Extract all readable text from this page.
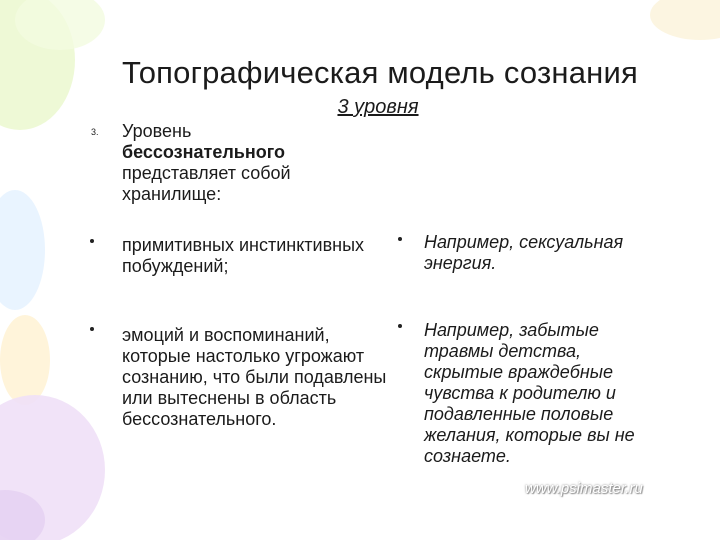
Топографическая модель сознания
3 уровня
3. Уровень
бессознательного
представляет собой хранилище:
примитивных инстинктивных побуждений;
эмоций и воспоминаний, которые настолько угрожают сознанию, что были подавлены или вытеснены в область бессознательного.
Например, сексуальная энергия.
Например, забытые травмы детства, скрытые враждебные чувства к родителю и подавленные половые желания, которые вы не сознаете.
www.psimaster.ru
